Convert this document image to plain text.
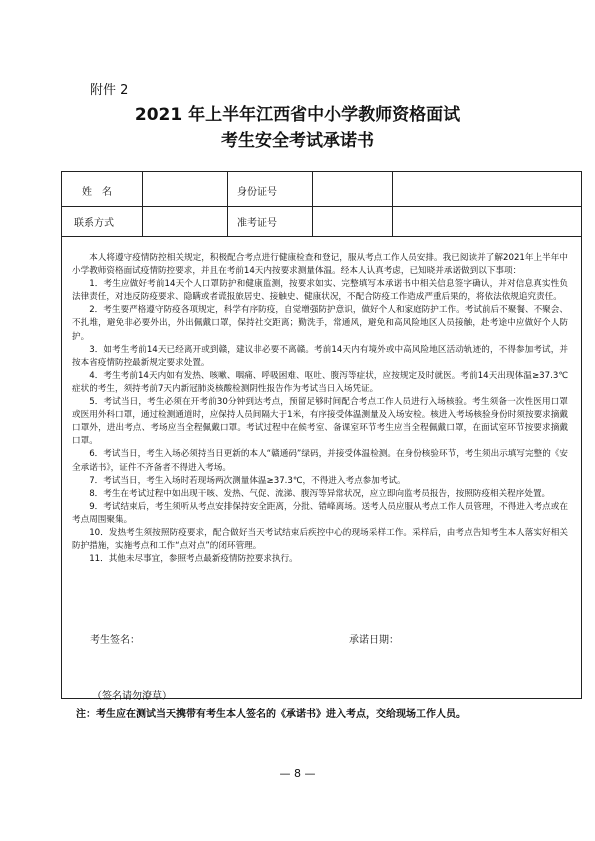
附件 2
2021 年上半年江西省中小学教师资格面试
考生安全考试承诺书
姓　名	身份证号
联系方式	准考证号

本人将遵守疫情防控相关规定，积极配合考点进行健康检查和登记，服从考点工作人员安排。我已阅读并了解2021年上半年中小学教师资格面试疫情防控要求，并且在考前14天内按要求测量体温。经本人认真考虑，已知晓并承诺做到以下事项：

1．考生应做好考前14天个人口罩防护和健康监测，按要求如实、完整填写本承诺书中相关信息签字确认，并对信息真实性负法律责任，对违反防疫要求、隐瞒或者谎报旅居史、接触史、健康状况，不配合防疫工作造成严重后果的，将依法依规追究责任。

2．考生要严格遵守防疫各项规定，科学有序防疫，自觉增强防护意识，做好个人和家庭防护工作。考试前后不聚餐、不聚会、不扎堆，避免非必要外出，外出佩戴口罩，保持社交距离；勤洗手，常通风，避免和高风险地区人员接触，赴考途中应做好个人防护。

3．如考生考前14天已经离开或到赣，建议非必要不离赣。考前14天内有境外或中高风险地区活动轨迹的，不得参加考试，并按本省疫情防控最新规定要求处置。

4．考生考前14天内如有发热、咳嗽、咽痛、呼吸困难、呕吐、腹泻等症状，应按规定及时就医。考前14天出现体温≥37.3℃症状的考生，须持考前7天内新冠肺炎核酸检测阴性报告作为考试当日入场凭证。

5．考试当日，考生必须在开考前30分钟到达考点，预留足够时间配合考点工作人员进行入场核验。考生须备一次性医用口罩或医用外科口罩，通过检测通道时，应保持人员间隔大于1米，有序接受体温测量及入场安检。核进入考场核验身份时须按要求摘戴口罩外，进出考点、考场应当全程佩戴口罩。考试过程中在候考室、备课室环节考生应当全程佩戴口罩，在面试室环节按要求摘戴口罩。

6．考试当日，考生入场必须持当日更新的本人“赣通码”绿码，并接受体温检测。在身份核验环节，考生须出示填写完整的《安全承诺书》，证件不齐备者不得进入考场。

7．考试当日，考生入场时若现场两次测量体温≥37.3℃，不得进入考点参加考试。

8．考生在考试过程中如出现干咳、发热、气促、流涕、腹泻等异常状况，应立即向监考员报告，按照防疫相关程序处置。

9．考试结束后，考生须听从考点安排保持安全距离，分批、错峰离场。送考人员应服从考点工作人员管理，不得进入考点或在考点周围聚集。

10．发热考生须按照防疫要求，配合做好当天考试结束后疾控中心的现场采样工作。采样后，由考点告知考生本人落实好相关防护措施，实施考点和工作“点对点”的闭环管理。

11．其他未尽事宜，参照考点最新疫情防控要求执行。

考生签名：	承诺日期：
（签名请勿潦草）
注：考生应在测试当天携带有考生本人签名的《承诺书》进入考点，交给现场工作人员。
— 8 —
